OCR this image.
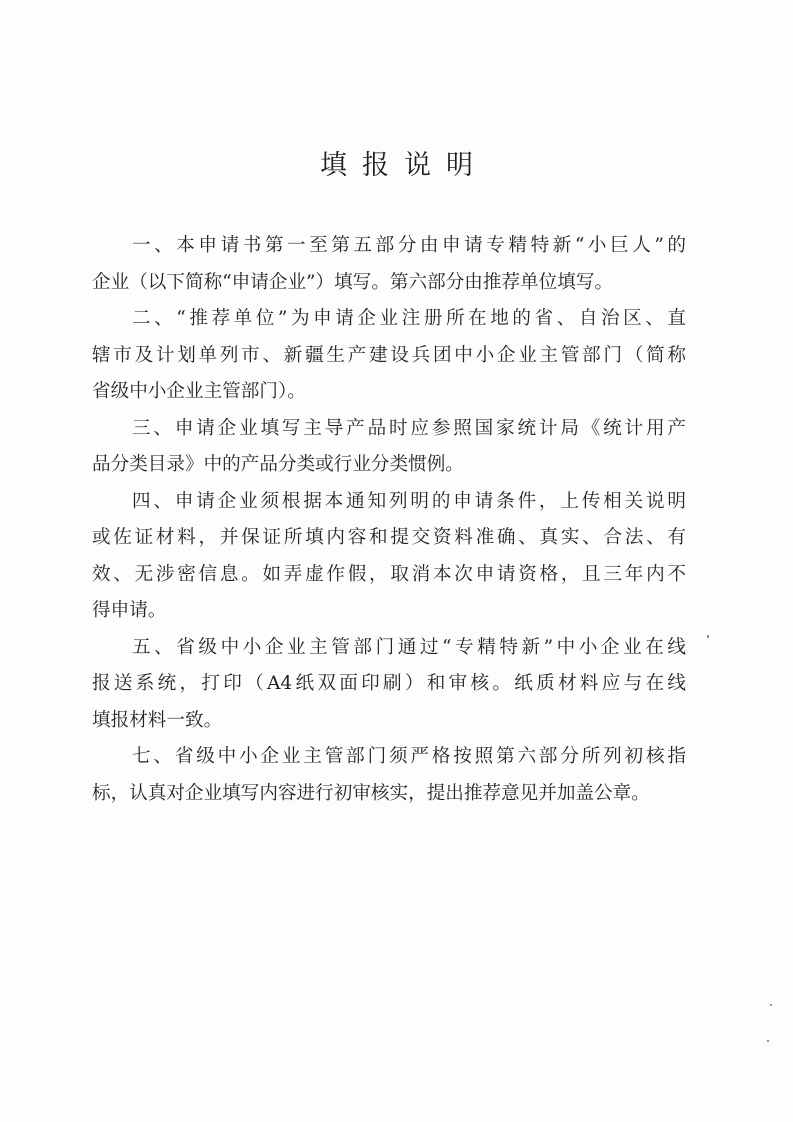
填报说明
一、本申请书第一至第五部分由申请专精特新“小巨人”的
企业（以下简称“申请企业”）填写。第六部分由推荐单位填写。
二、“推荐单位”为申请企业注册所在地的省、自治区、直
辖市及计划单列市、新疆生产建设兵团中小企业主管部门（简称
省级中小企业主管部门）。
三、申请企业填写主导产品时应参照国家统计局《统计用产
品分类目录》中的产品分类或行业分类惯例。
四、申请企业须根据本通知列明的申请条件，上传相关说明
或佐证材料，并保证所填内容和提交资料准确、真实、合法、有
效、无涉密信息。如弄虚作假，取消本次申请资格，且三年内不
得申请。
五、省级中小企业主管部门通过“专精特新”中小企业在线
报送系统，打印（A4纸双面印刷）和审核。纸质材料应与在线
填报材料一致。
七、省级中小企业主管部门须严格按照第六部分所列初核指
标，认真对企业填写内容进行初审核实，提出推荐意见并加盖公章。
